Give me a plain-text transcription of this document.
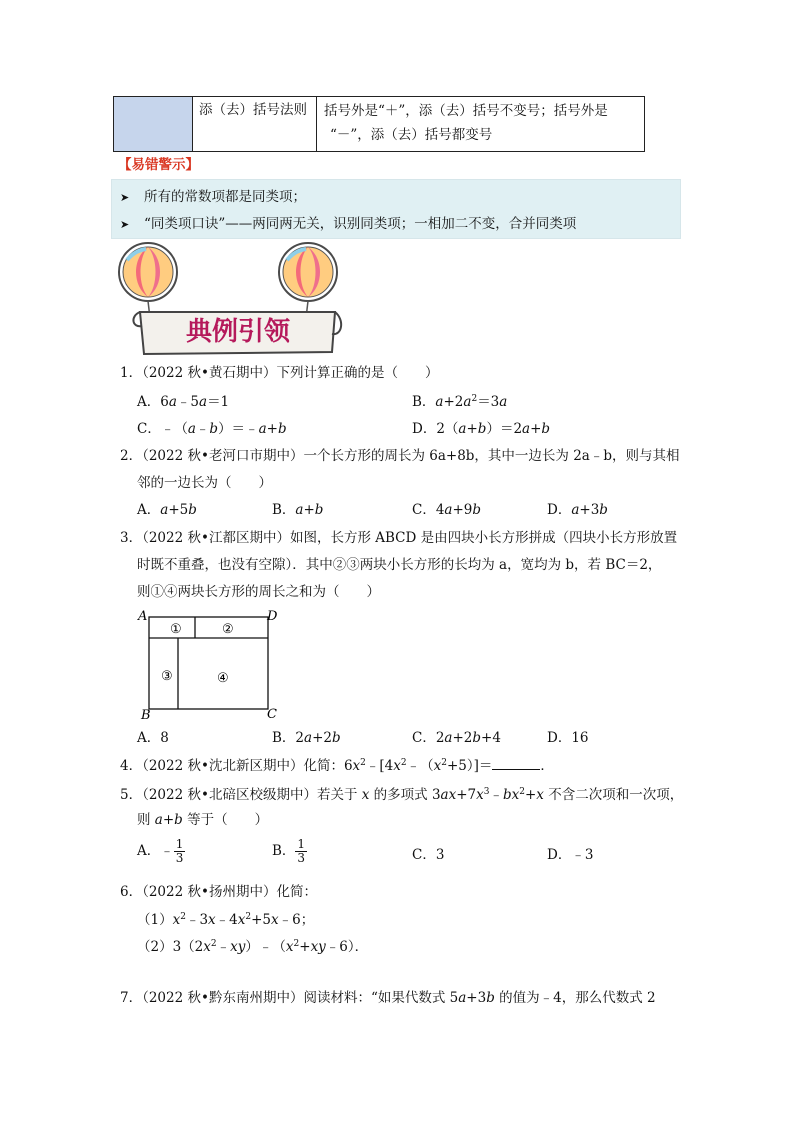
添（去）括号法则	括号外是“＋”，添（去）括号不变号；括号外是
“－”，添（去）括号都变号
【易错警示】
➤ 所有的常数项都是同类项；
➤ “同类项口诀”——两同两无关，识别同类项；一相加二不变，合并同类项
典例引领
1．（2022 秋•黄石期中）下列计算正确的是（　　）
A．6a﹣5a＝1	B．$a+2a^2=3a$
C．﹣（a﹣b）＝﹣a+b	D．2（a+b）＝2a+b
2．（2022 秋•老河口市期中）一个长方形的周长为 6a+8b，其中一边长为 2a﹣b，则与其相
邻的一边长为（　　）
A．a+5b	B．a+b	C．4a+9b	D．a+3b
3．（2022 秋•江都区期中）如图，长方形 ABCD 是由四块小长方形拼成（四块小长方形放置
时既不重叠，也没有空隙）．其中②③两块小长方形的长均为 a，宽均为 b，若 BC＝2，
则①④两块长方形的周长之和为（　　）
A	D
B	C
①	②
③	④
A．8	B．2a+2b	C．2a+2b+4	D．16
4．（2022 秋•沈北新区期中）化简：$6x^2﹣[4x^2﹣(x^2+5)]=$	．
5．（2022 秋•北碚区校级期中）若关于 x 的多项式 $3ax+7x^3﹣bx^2+x$ 不含二次项和一次项，
则 a+b 等于（　　）
A．﹣ $\frac{1}{3}$	B． $\frac{1}{3}$	C．3	D．﹣3
6．（2022 秋•扬州期中）化简：
$(1)x^2﹣3x﹣4x^2+5x﹣6$；
$(2)3(2x^2﹣xy)﹣(x^2+xy﹣6)$．
7．（2022 秋•黔东南州期中）阅读材料：“如果代数式 5a+3b 的值为﹣4，那么代数式 2
